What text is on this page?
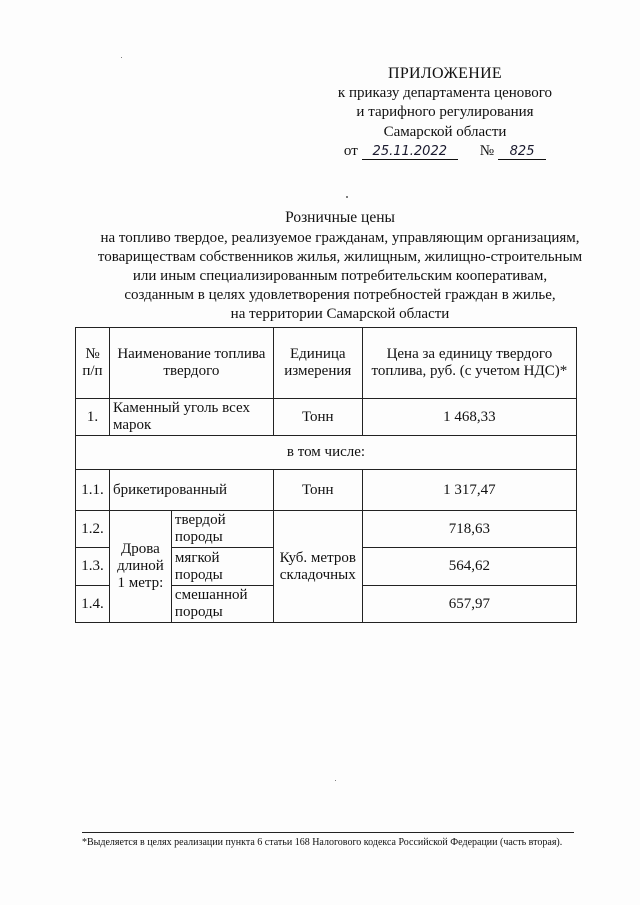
ПРИЛОЖЕНИЕ
к приказу департамента ценового
и тарифного регулирования
Самарской области
от	25.11.2022	№	825
Розничные цены
на топливо твердое, реализуемое гражданам, управляющим организациям,
товариществам собственников жилья, жилищным, жилищно-строительным
или иным специализированным потребительским кооперативам,
созданным в целях удовлетворения потребностей граждан в жилье,
на территории Самарской области
№ п/п	Наименование топлива твердого		Единица измерения	Цена за единицу твердого топлива, руб. (с учетом НДС)*
1.	Каменный уголь всех марок		Тонн	1 468,33
в том числе:				
1.1.	брикетированный		Тонн	1 317,47
1.2.	Дрова длиной 1 метр:	твердой породы	Куб. метров складочных	718,63
1.3.		мягкой породы		564,62
1.4.		смешанной породы		657,97
*Выделяется в целях реализации пункта 6 статьи 168 Налогового кодекса Российской Федерации (часть вторая).
